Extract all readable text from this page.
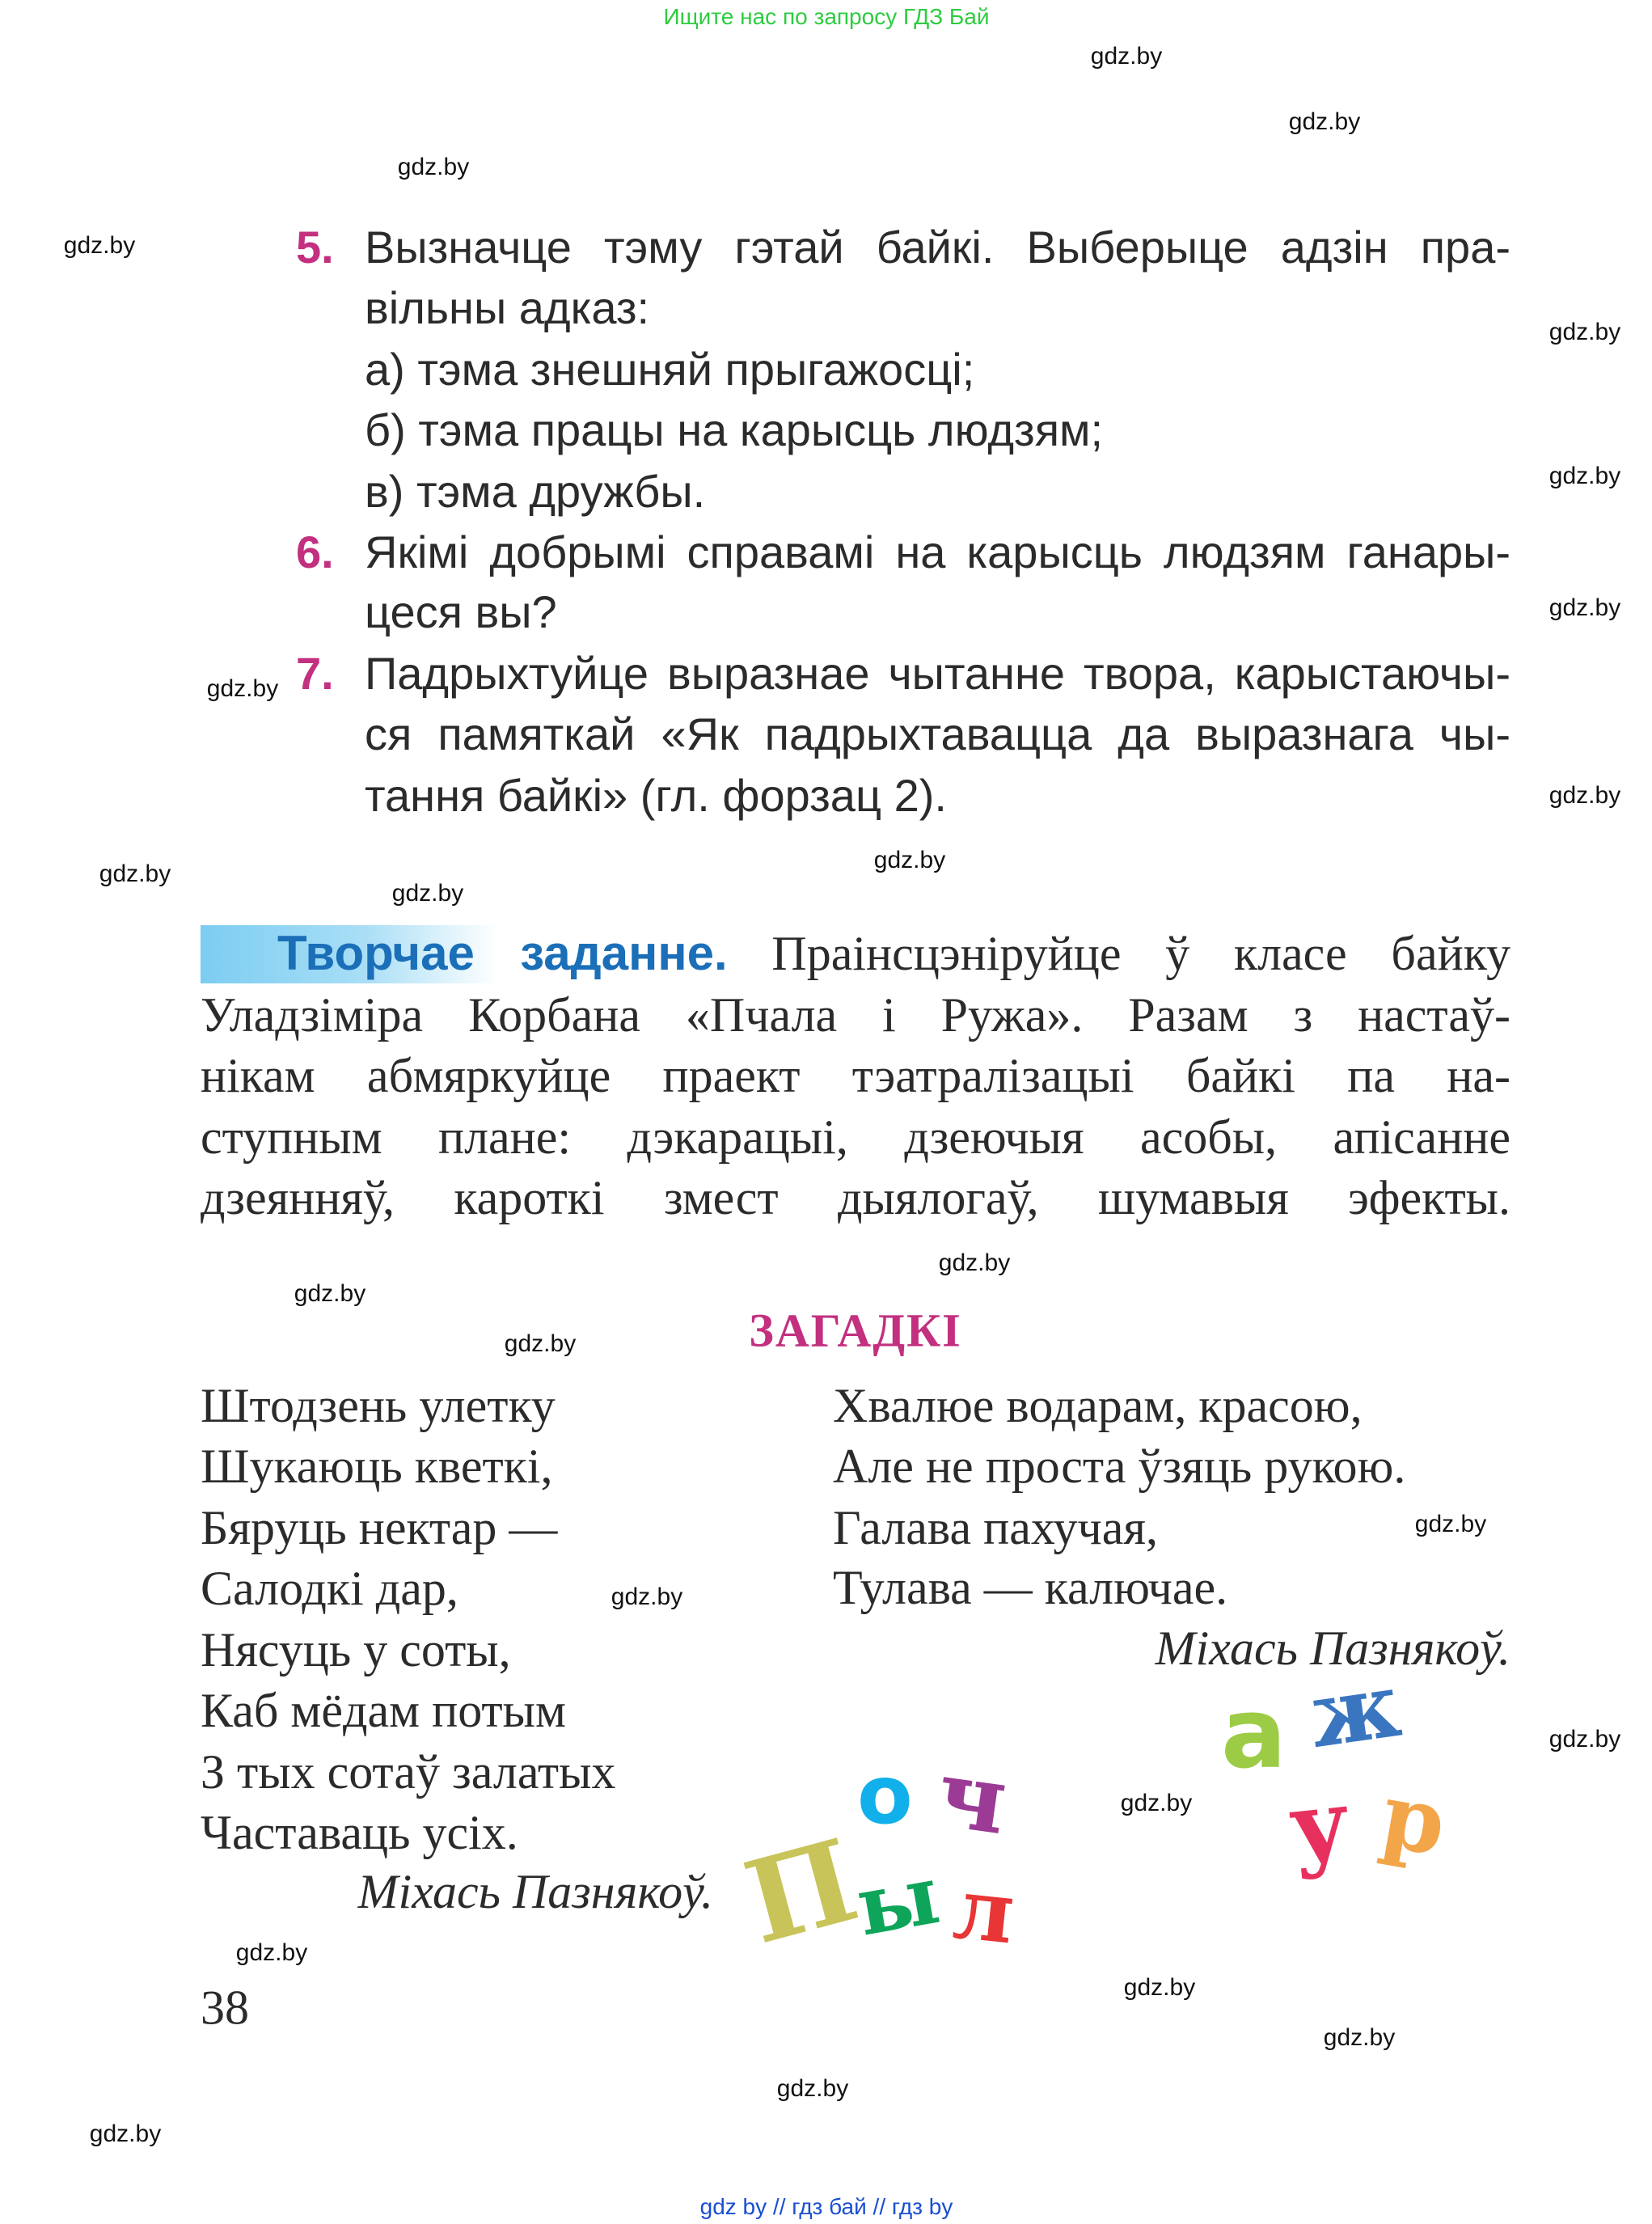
Ищите нас по запросу ГДЗ Бай
gdz.by
gdz.by
gdz.by
gdz.by
gdz.by
gdz.by
gdz.by
gdz.by
gdz.by
gdz.by
gdz.by
gdz.by
gdz.by
gdz.by
gdz.by
gdz.by
gdz.by
gdz.by
gdz.by
gdz.by
gdz.by
gdz.by
gdz.by
gdz.by
5. Вызначце тэму гэтай байкі. Выберыце адзін пра-
вільны адказ:
а) тэма знешняй прыгажосці;
б) тэма працы на карысць людзям;
в) тэма дружбы.
6. Якімі добрымі справамі на карысць людзям ганары-
цеся вы?
7. Падрыхтуйце выразнае чытанне твора, карыстаючы-
ся памяткай «Як падрыхтавацца да выразнага чы-
тання байкі» (гл. форзац 2).
Творчае заданне. Праінсцэніруйце ў класе байку
Уладзіміра Корбана «Пчала і Ружа». Разам з настаў-
нікам абмяркуйце праект тэатралізацыі байкі па на-
ступным плане: дэкарацыі, дзеючыя асобы, апісанне
дзеянняў, кароткі змест дыялогаў, шумавыя эфекты.
ЗАГАДКІ
Штодзень улетку
Шукаюць кветкі,
Бяруць нектар —
Салодкі дар,
Нясуць у соты,
Каб мёдам потым
З тых сотаў залатых
Частаваць усіх.
Міхась Пазнякоў.
Хвалюе водарам, красою,
Але не проста ўзяць рукою.
Галава пахучая,
Тулава — калючае.
Міхась Пазнякоў.
П
ы
о ч
л
а ж
у р
38
gdz by // гдз бай // гдз by
